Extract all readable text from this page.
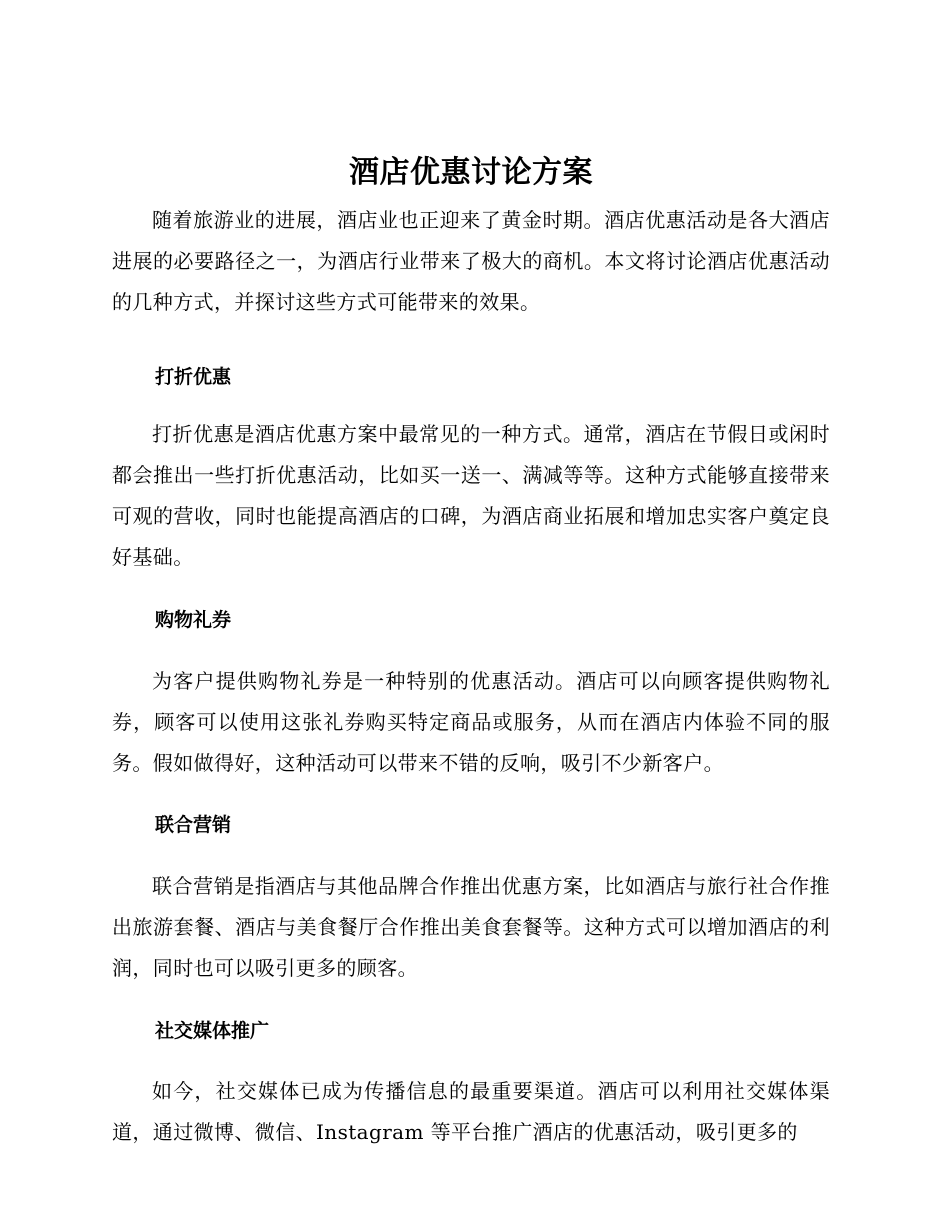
酒店优惠讨论方案

随着旅游业的进展，酒店业也正迎来了黄金时期。酒店优惠活动是各大酒店进展的必要路径之一，为酒店行业带来了极大的商机。本文将讨论酒店优惠活动的几种方式，并探讨这些方式可能带来的效果。

打折优惠

打折优惠是酒店优惠方案中最常见的一种方式。通常，酒店在节假日或闲时都会推出一些打折优惠活动，比如买一送一、满减等等。这种方式能够直接带来可观的营收，同时也能提高酒店的口碑，为酒店商业拓展和增加忠实客户奠定良好基础。

购物礼券

为客户提供购物礼券是一种特别的优惠活动。酒店可以向顾客提供购物礼券，顾客可以使用这张礼券购买特定商品或服务，从而在酒店内体验不同的服务。假如做得好，这种活动可以带来不错的反响，吸引不少新客户。

联合营销

联合营销是指酒店与其他品牌合作推出优惠方案，比如酒店与旅行社合作推出旅游套餐、酒店与美食餐厅合作推出美食套餐等。这种方式可以增加酒店的利润，同时也可以吸引更多的顾客。

社交媒体推广

如今，社交媒体已成为传播信息的最重要渠道。酒店可以利用社交媒体渠道，通过微博、微信、Instagram 等平台推广酒店的优惠活动，吸引更多的
